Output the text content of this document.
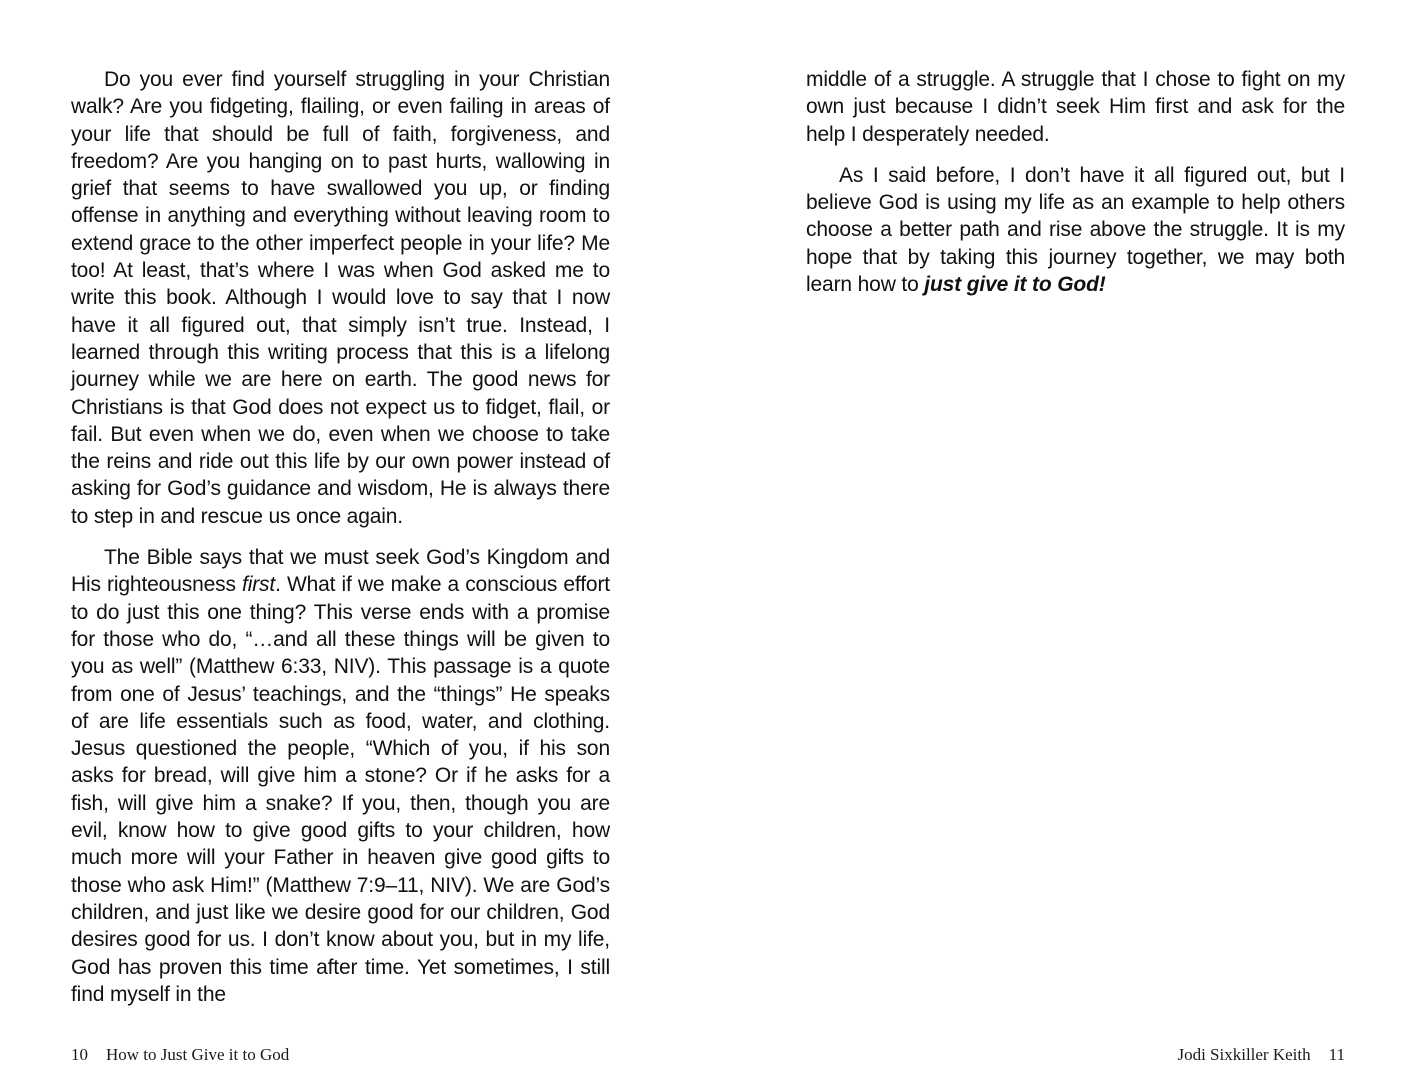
Do you ever find yourself struggling in your Christian walk? Are you fidgeting, flailing, or even failing in areas of your life that should be full of faith, forgiveness, and freedom? Are you hanging on to past hurts, wallowing in grief that seems to have swallowed you up, or finding offense in anything and everything without leaving room to extend grace to the other imperfect people in your life? Me too! At least, that’s where I was when God asked me to write this book. Although I would love to say that I now have it all figured out, that simply isn’t true. Instead, I learned through this writing process that this is a lifelong journey while we are here on earth. The good news for Christians is that God does not expect us to fidget, flail, or fail. But even when we do, even when we choose to take the reins and ride out this life by our own power instead of asking for God’s guidance and wisdom, He is always there to step in and rescue us once again.

The Bible says that we must seek God’s Kingdom and His righteousness first. What if we make a conscious effort to do just this one thing? This verse ends with a promise for those who do, “…and all these things will be given to you as well” (Matthew 6:33, NIV). This passage is a quote from one of Jesus’ teachings, and the “things” He speaks of are life essentials such as food, water, and clothing. Jesus questioned the people, “Which of you, if his son asks for bread, will give him a stone? Or if he asks for a fish, will give him a snake? If you, then, though you are evil, know how to give good gifts to your children, how much more will your Father in heaven give good gifts to those who ask Him!” (Matthew 7:9–11, NIV). We are God’s children, and just like we desire good for our children, God desires good for us. I don’t know about you, but in my life, God has proven this time after time. Yet sometimes, I still find myself in the

10 How to Just Give it to God

middle of a struggle. A struggle that I chose to fight on my own just because I didn’t seek Him first and ask for the help I desperately needed.

As I said before, I don’t have it all figured out, but I believe God is using my life as an example to help others choose a better path and rise above the struggle. It is my hope that by taking this journey together, we may both learn how to just give it to God!

Jodi Sixkiller Keith 11
